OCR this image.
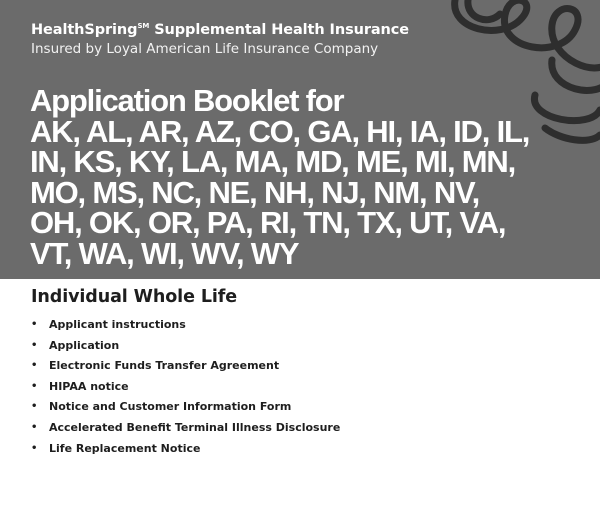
HealthSpring℠ Supplemental Health Insurance
Insured by Loyal American Life Insurance Company
Application Booklet for
AK, AL, AR, AZ, CO, GA, HI, IA, ID, IL,
IN, KS, KY, LA, MA, MD, ME, MI, MN,
MO, MS, NC, NE, NH, NJ, NM, NV,
OH, OK, OR, PA, RI, TN, TX, UT, VA,
VT, WA, WI, WV, WY
Individual Whole Life
• Applicant instructions
• Application
• Electronic Funds Transfer Agreement
• HIPAA notice
• Notice and Customer Information Form
• Accelerated Benefit Terminal Illness Disclosure
• Life Replacement Notice
